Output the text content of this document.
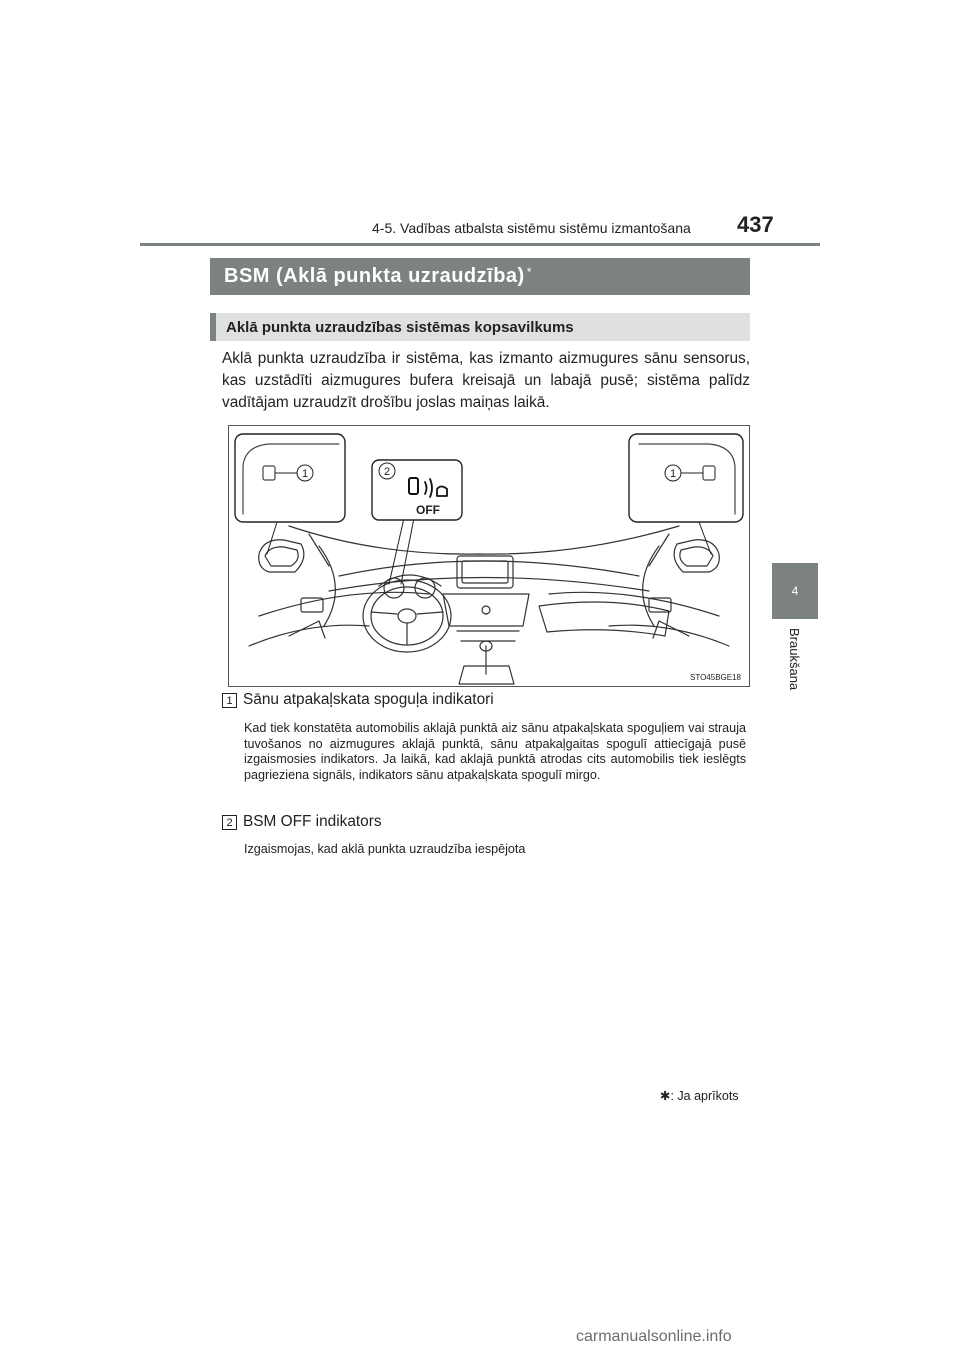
4-5. Vadības atbalsta sistēmu sistēmu izmantošana 437
4
Braukšana
BSM (Aklā punkta uzraudzība)*
Aklā punkta uzraudzības sistēmas kopsavilkums
Aklā punkta uzraudzība ir sistēma, kas izmanto aizmugures sānu sensorus, kas uzstādīti aizmugures bufera kreisajā un labajā pusē; sistēma palīdz vadītājam uzraudzīt drošību joslas maiņas laikā.
1	1
2
OFF
STO45BGE18
1 Sānu atpakaļskata spoguļa indikatori
Kad tiek konstatēta automobilis aklajā punktā aiz sānu atpakaļskata spoguļiem vai strauja tuvošanos no aizmugures aklajā punktā, sānu atpakaļgaitas spogulī attiecīgajā pusē izgaismosies indikators. Ja laikā, kad aklajā punktā atrodas cits automobilis tiek ieslēgts pagrieziena signāls, indikators sānu atpakaļskata spogulī mirgo.
2 BSM OFF indikators
Izgaismojas, kad aklā punkta uzraudzība iespējota
✱: Ja aprīkots
carmanualsonline.info
